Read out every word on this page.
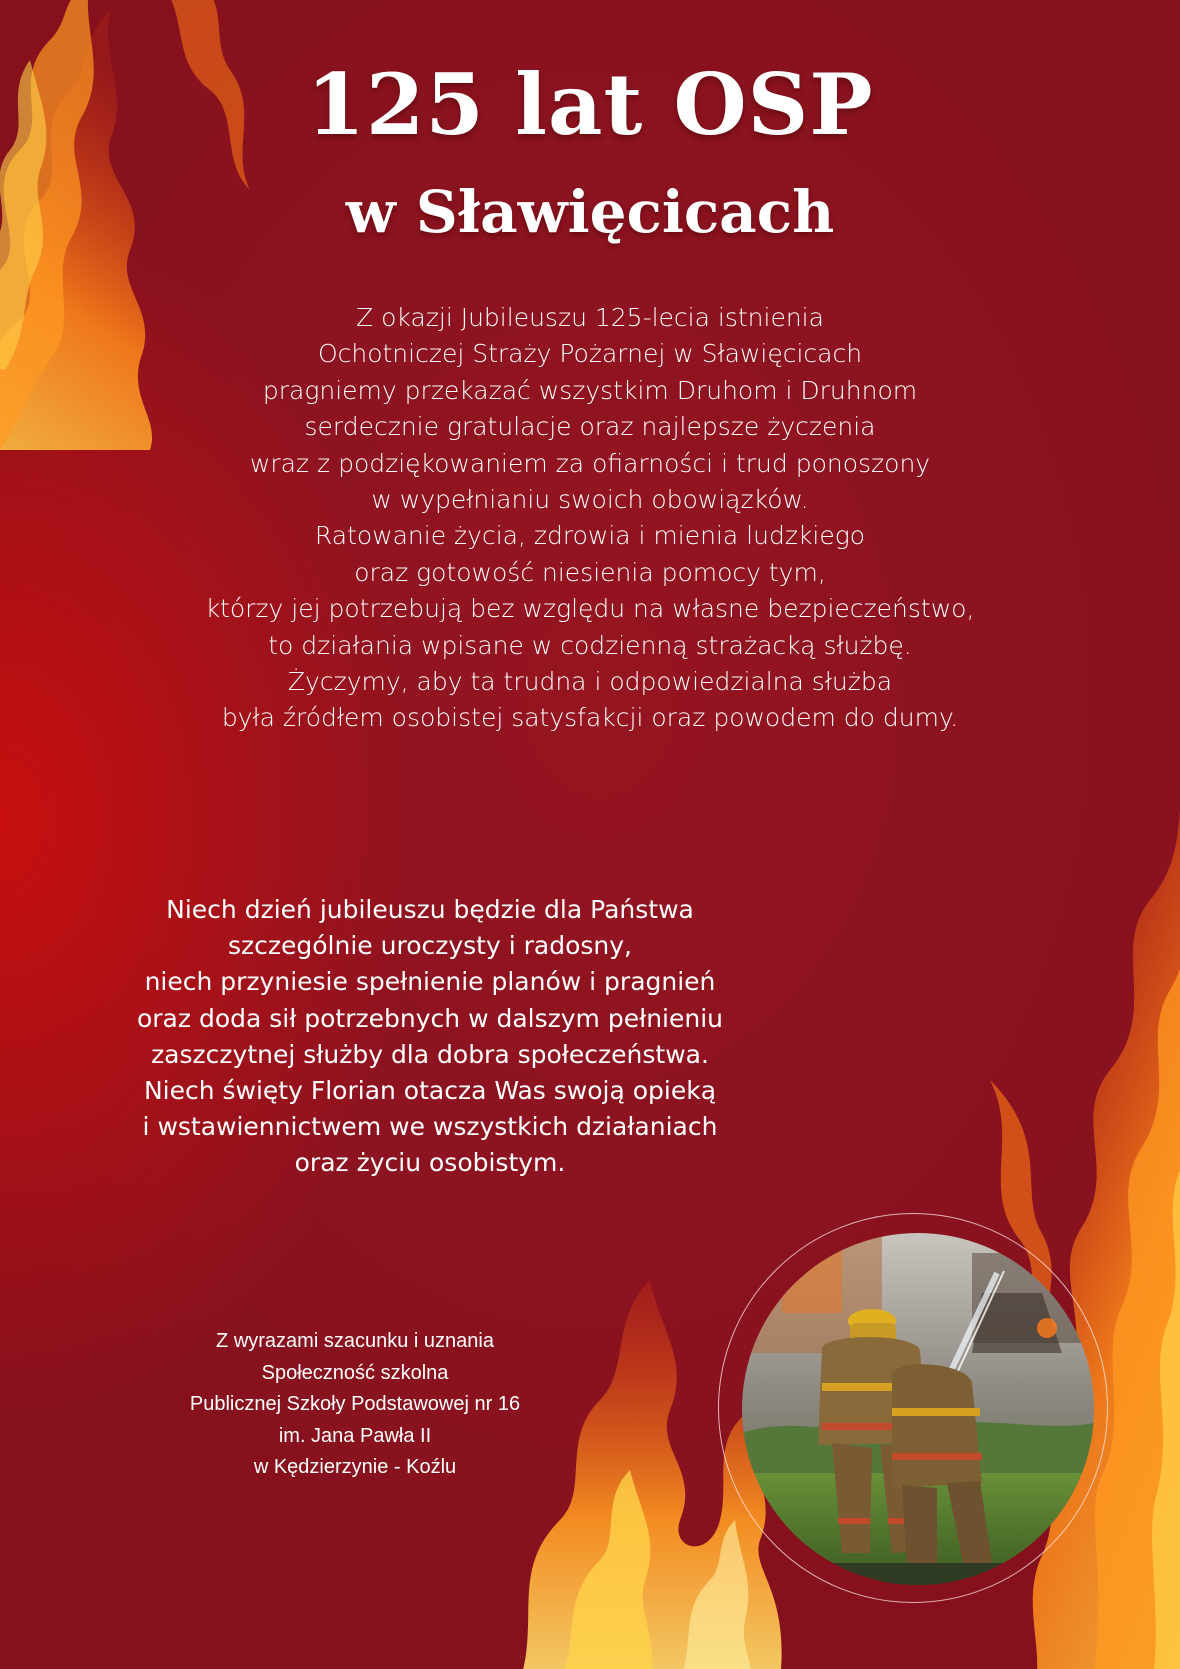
125 lat OSP
w Sławięcicach
Z okazji Jubileuszu 125-lecia istnienia
Ochotniczej Straży Pożarnej w Sławięcicach
pragniemy przekazać wszystkim Druhom i Druhnom
serdecznie gratulacje oraz najlepsze życzenia
wraz z podziękowaniem za ofiarności i trud ponoszony
w wypełnianiu swoich obowiązków.
Ratowanie życia, zdrowia i mienia ludzkiego
oraz gotowość niesienia pomocy tym,
którzy jej potrzebują bez względu na własne bezpieczeństwo,
to działania wpisane w codzienną strażacką służbę.
Życzymy, aby ta trudna i odpowiedzialna służba
była źródłem osobistej satysfakcji oraz powodem do dumy.
Niech dzień jubileuszu będzie dla Państwa
szczególnie uroczysty i radosny,
niech przyniesie spełnienie planów i pragnień
oraz doda sił potrzebnych w dalszym pełnieniu
zaszczytnej służby dla dobra społeczeństwa.
Niech święty Florian otacza Was swoją opieką
i wstawiennictwem we wszystkich działaniach
oraz życiu osobistym.
Z wyrazami szacunku i uznania
Społeczność szkolna
Publicznej Szkoły Podstawowej nr 16
im. Jana Pawła II
w Kędzierzynie - Koźlu
